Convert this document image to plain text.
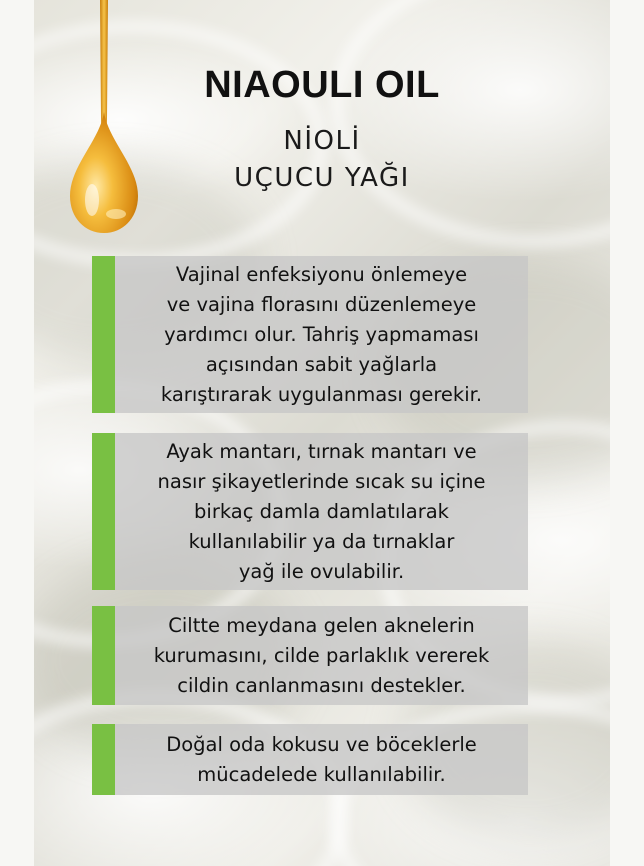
NIAOULI OIL
NİOLİ
UÇUCU YAĞI
Vajinal enfeksiyonu önlemeye
ve vajina florasını düzenlemeye
yardımcı olur. Tahriş yapmaması
açısından sabit yağlarla
karıştırarak uygulanması gerekir.
Ayak mantarı, tırnak mantarı ve
nasır şikayetlerinde sıcak su içine
birkaç damla damlatılarak
kullanılabilir ya da tırnaklar
yağ ile ovulabilir.
Ciltte meydana gelen aknelerin
kurumasını, cilde parlaklık vererek
cildin canlanmasını destekler.
Doğal oda kokusu ve böceklerle
mücadelede kullanılabilir.
